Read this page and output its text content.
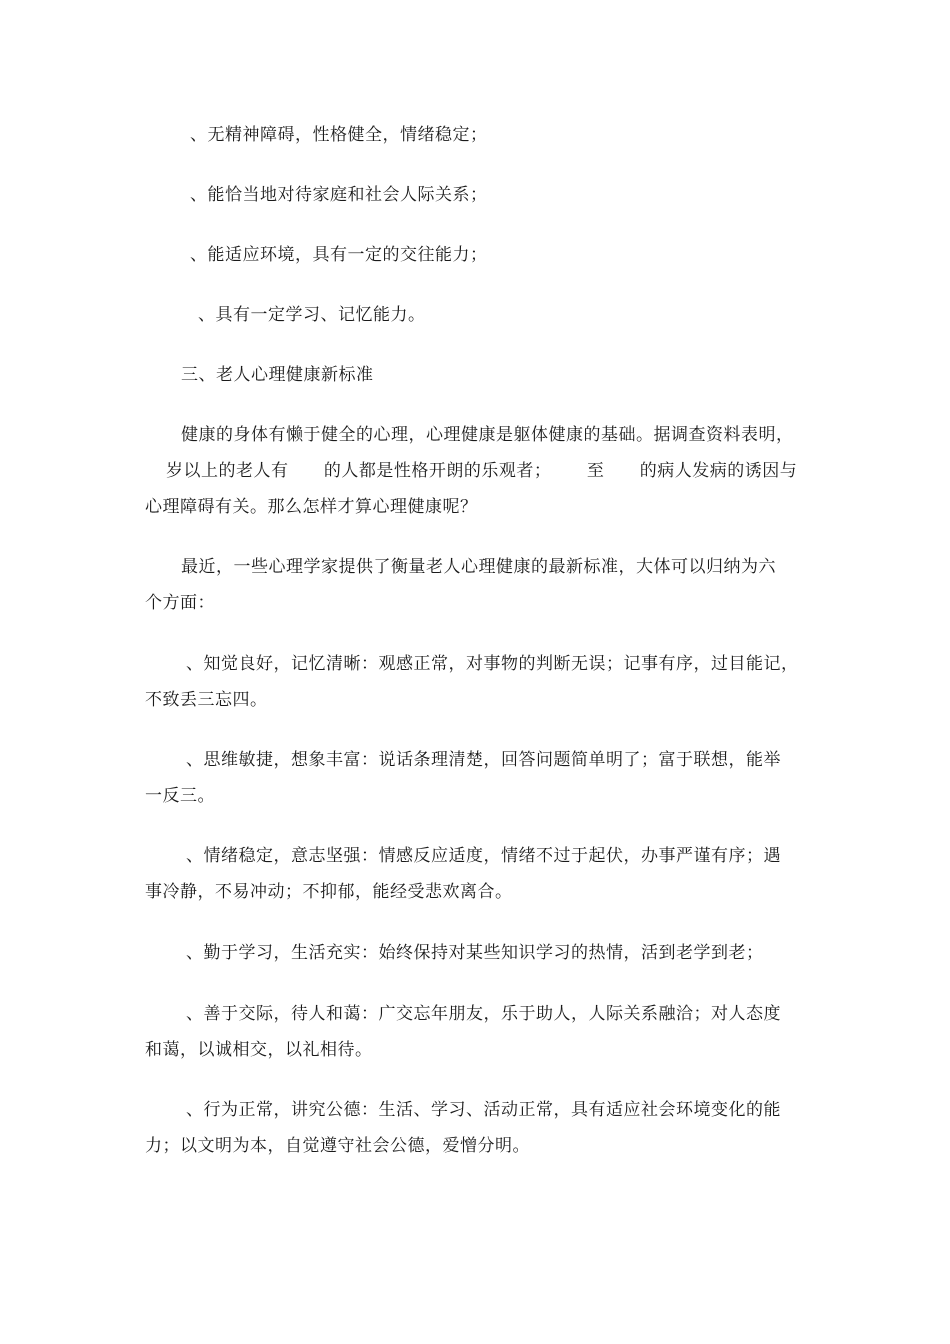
、无精神障碍，性格健全，情绪稳定；
、能恰当地对待家庭和社会人际关系；
、能适应环境，具有一定的交往能力；
、具有一定学习、记忆能力。
三、老人心理健康新标准
健康的身体有懒于健全的心理，心理健康是躯体健康的基础。据调查资料表明，
岁以上的老人有      的人都是性格开朗的乐观者；      至      的病人发病的诱因与
心理障碍有关。那么怎样才算心理健康呢？
最近，一些心理学家提供了衡量老人心理健康的最新标准，大体可以归纳为六
个方面：
、知觉良好，记忆清晰：观感正常，对事物的判断无误；记事有序，过目能记，
不致丢三忘四。
、思维敏捷，想象丰富：说话条理清楚，回答问题简单明了；富于联想，能举
一反三。
、情绪稳定，意志坚强：情感反应适度，情绪不过于起伏，办事严谨有序；遇
事冷静，不易冲动；不抑郁，能经受悲欢离合。
、勤于学习，生活充实：始终保持对某些知识学习的热情，活到老学到老；
、善于交际，待人和蔼：广交忘年朋友，乐于助人，人际关系融洽；对人态度
和蔼，以诚相交，以礼相待。
、行为正常，讲究公德：生活、学习、活动正常，具有适应社会环境变化的能
力；以文明为本，自觉遵守社会公德，爱憎分明。
